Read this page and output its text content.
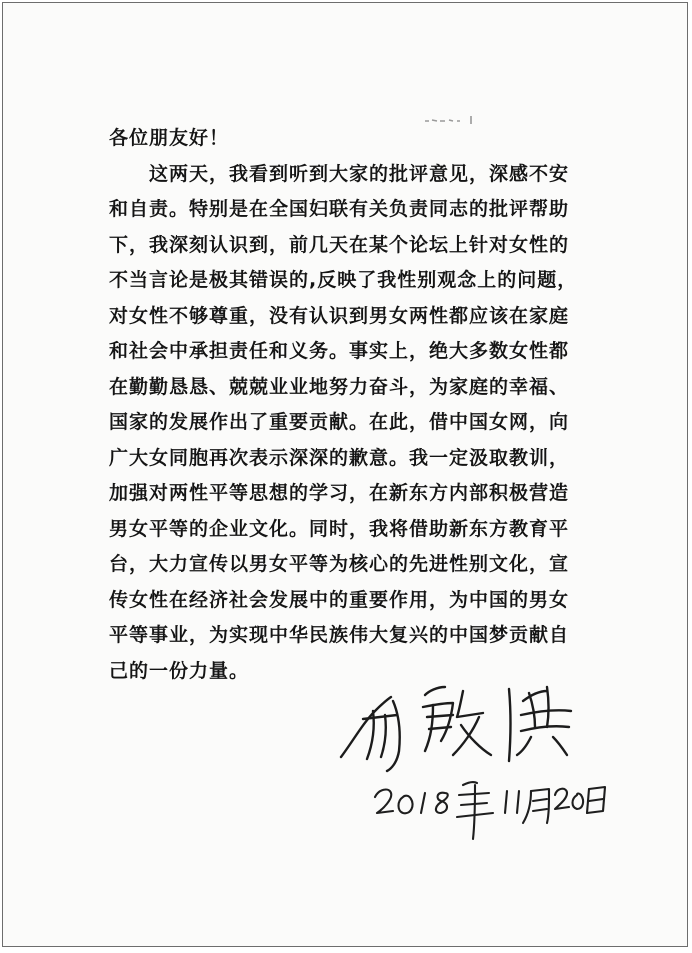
各位朋友好！
　　这两天，我看到听到大家的批评意见，深感不安
和自责。特别是在全国妇联有关负责同志的批评帮助
下，我深刻认识到，前几天在某个论坛上针对女性的
不当言论是极其错误的,反映了我性别观念上的问题，
对女性不够尊重，没有认识到男女两性都应该在家庭
和社会中承担责任和义务。事实上，绝大多数女性都
在勤勤恳恳、兢兢业业地努力奋斗，为家庭的幸福、
国家的发展作出了重要贡献。在此，借中国女网，向
广大女同胞再次表示深深的歉意。我一定汲取教训，
加强对两性平等思想的学习，在新东方内部积极营造
男女平等的企业文化。同时，我将借助新东方教育平
台，大力宣传以男女平等为核心的先进性别文化，宣
传女性在经济社会发展中的重要作用，为中国的男女
平等事业，为实现中华民族伟大复兴的中国梦贡献自
己的一份力量。
